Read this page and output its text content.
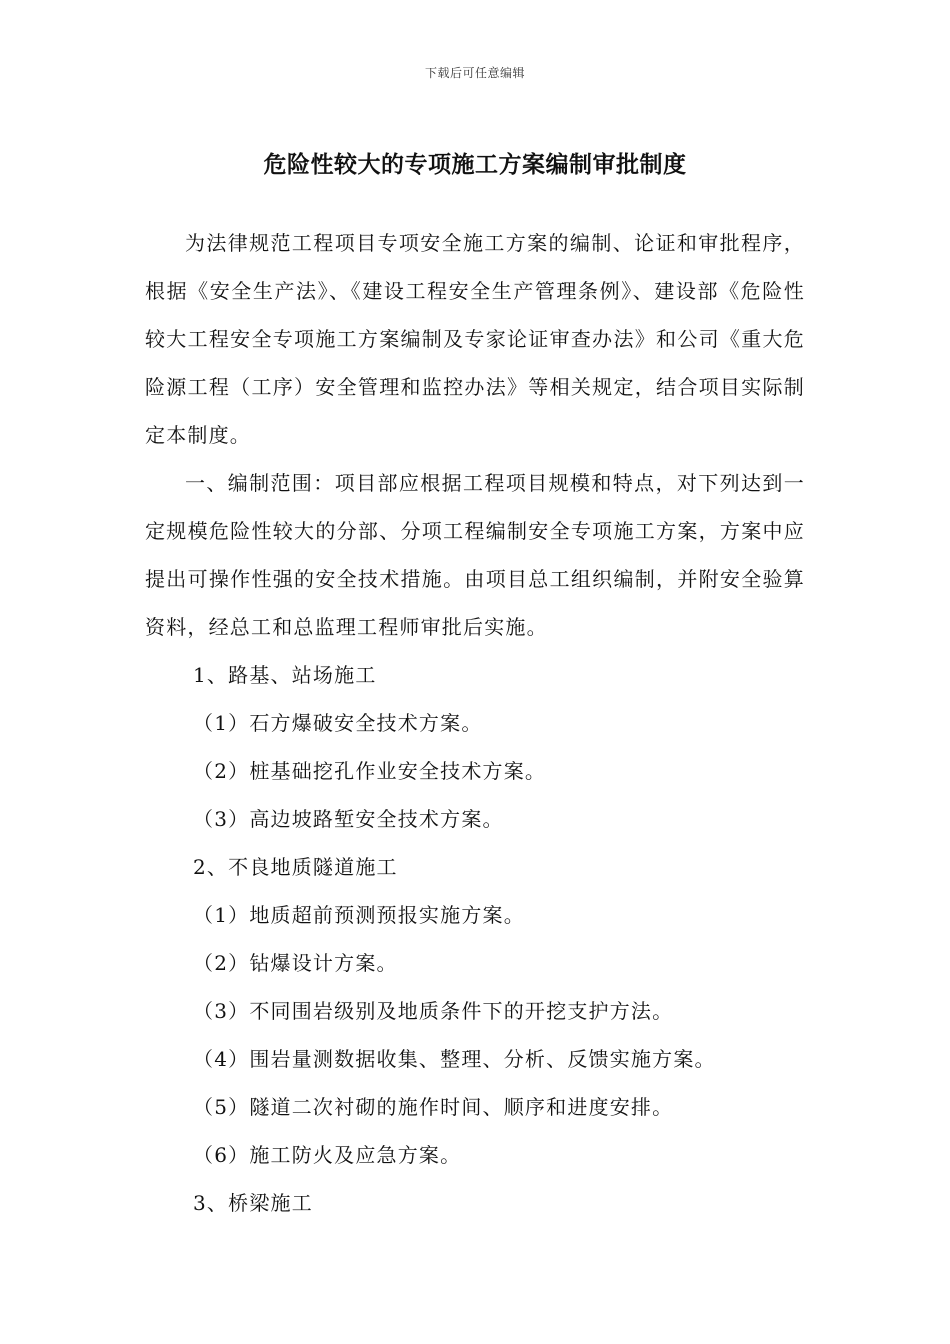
下载后可任意编辑
危险性较大的专项施工方案编制审批制度

为法律规范工程项目专项安全施工方案的编制、论证和审批程序，根据《安全生产法》、《建设工程安全生产管理条例》、建设部《危险性较大工程安全专项施工方案编制及专家论证审查办法》和公司《重大危险源工程（工序）安全管理和监控办法》等相关规定，结合项目实际制定本制度。

一、编制范围：项目部应根据工程项目规模和特点，对下列达到一定规模危险性较大的分部、分项工程编制安全专项施工方案，方案中应提出可操作性强的安全技术措施。由项目总工组织编制，并附安全验算资料，经总工和总监理工程师审批后实施。

1、路基、站场施工

（1）石方爆破安全技术方案。

（2）桩基础挖孔作业安全技术方案。

（3）高边坡路堑安全技术方案。

2、不良地质隧道施工

（1）地质超前预测预报实施方案。

（2）钻爆设计方案。

（3）不同围岩级别及地质条件下的开挖支护方法。

（4）围岩量测数据收集、整理、分析、反馈实施方案。

（5）隧道二次衬砌的施作时间、顺序和进度安排。

（6）施工防火及应急方案。

3、桥梁施工
